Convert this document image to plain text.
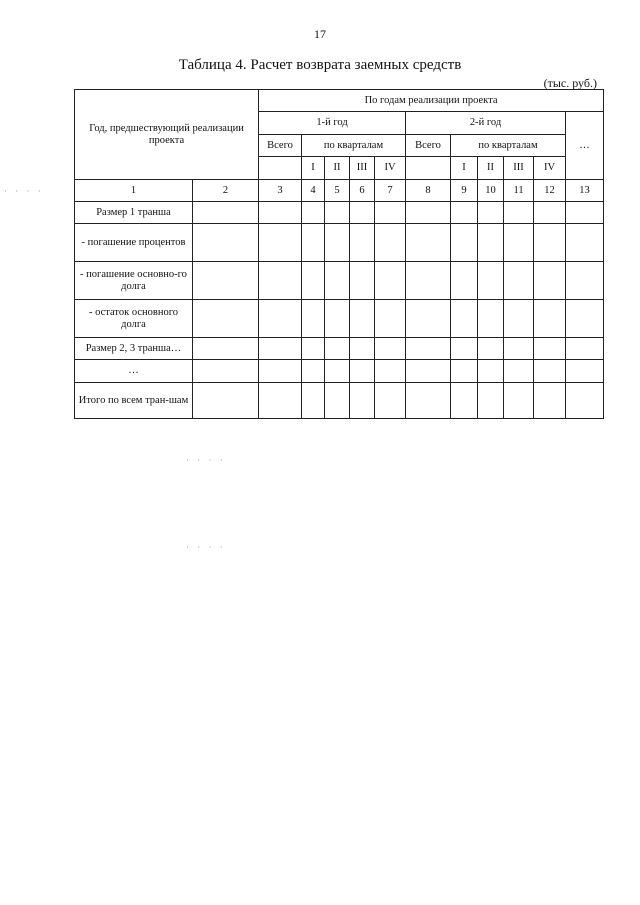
17
Таблица 4. Расчет возврата заемных средств
(тыс. руб.)
· · · ·
· · · ·
· · · ·
Год, предшествующий реализации проекта		По годам реализации проекта										
		1-й год					2-й год					…
		Всего	по кварталам				Всего	по кварталам				
			I	II	III	IV		I	II	III	IV	
1	2	3	4	5	6	7	8	9	10	11	12	13
Размер 1 транша												
- погашение процентов												
- погашение основно-го долга												
- остаток основного долга												
Размер 2, 3 транша…												
…												
Итого по всем тран-шам												
